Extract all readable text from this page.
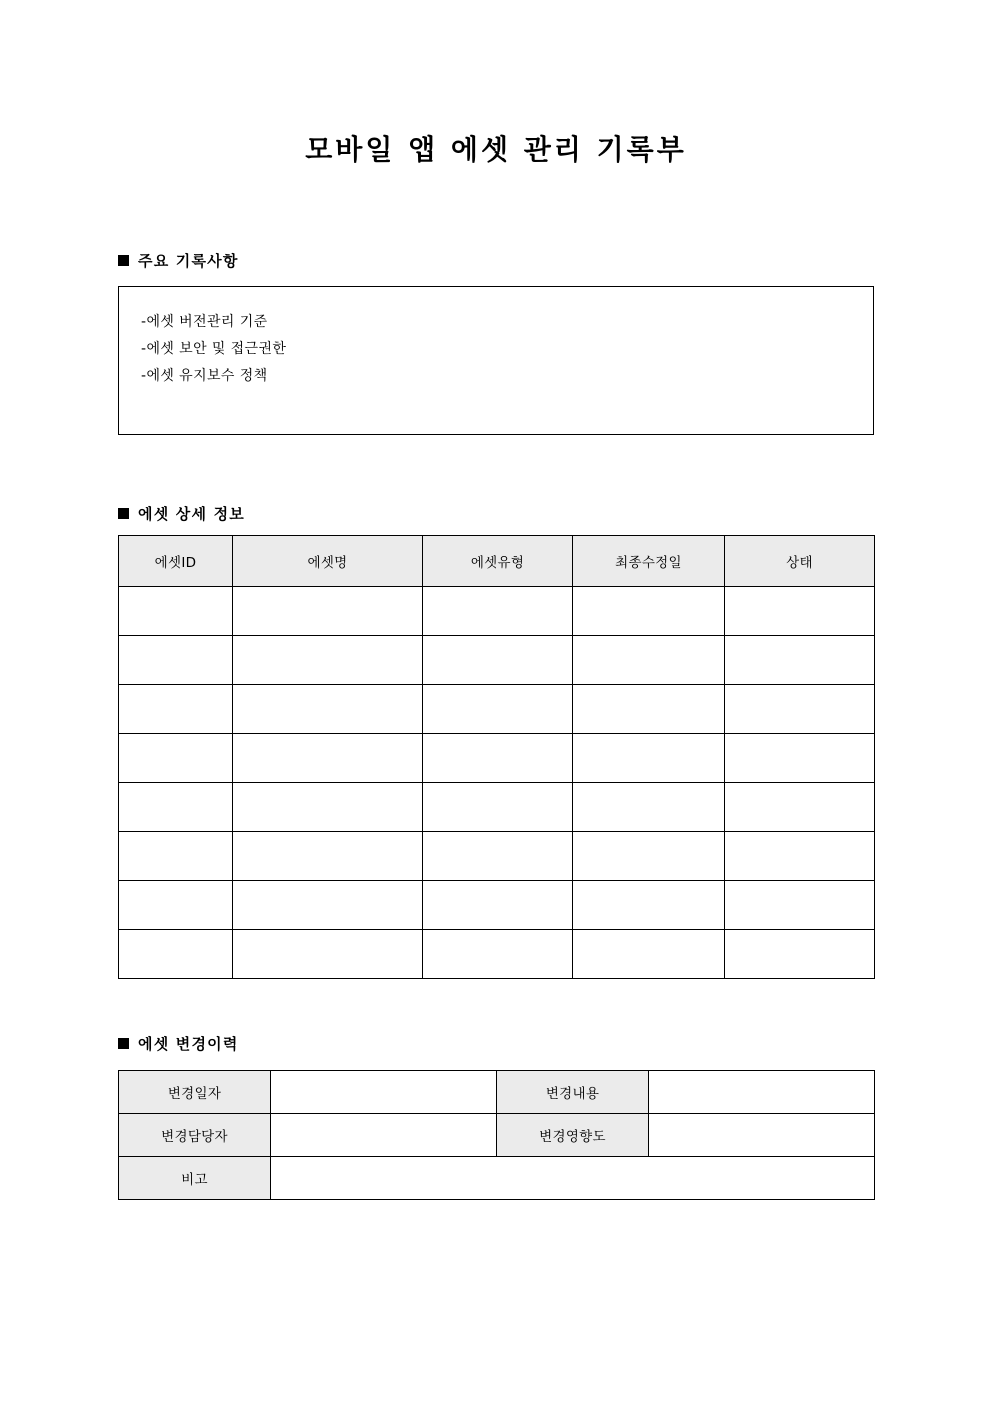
모바일 앱 에셋 관리 기록부
주요 기록사항
-에셋 버전관리 기준
-에셋 보안 및 접근권한
-에셋 유지보수 정책
에셋 상세 정보
에셋ID	에셋명	에셋유형	최종수정일	상태

에셋 변경이력
변경일자		변경내용	
변경담당자		변경영향도	
비고			
